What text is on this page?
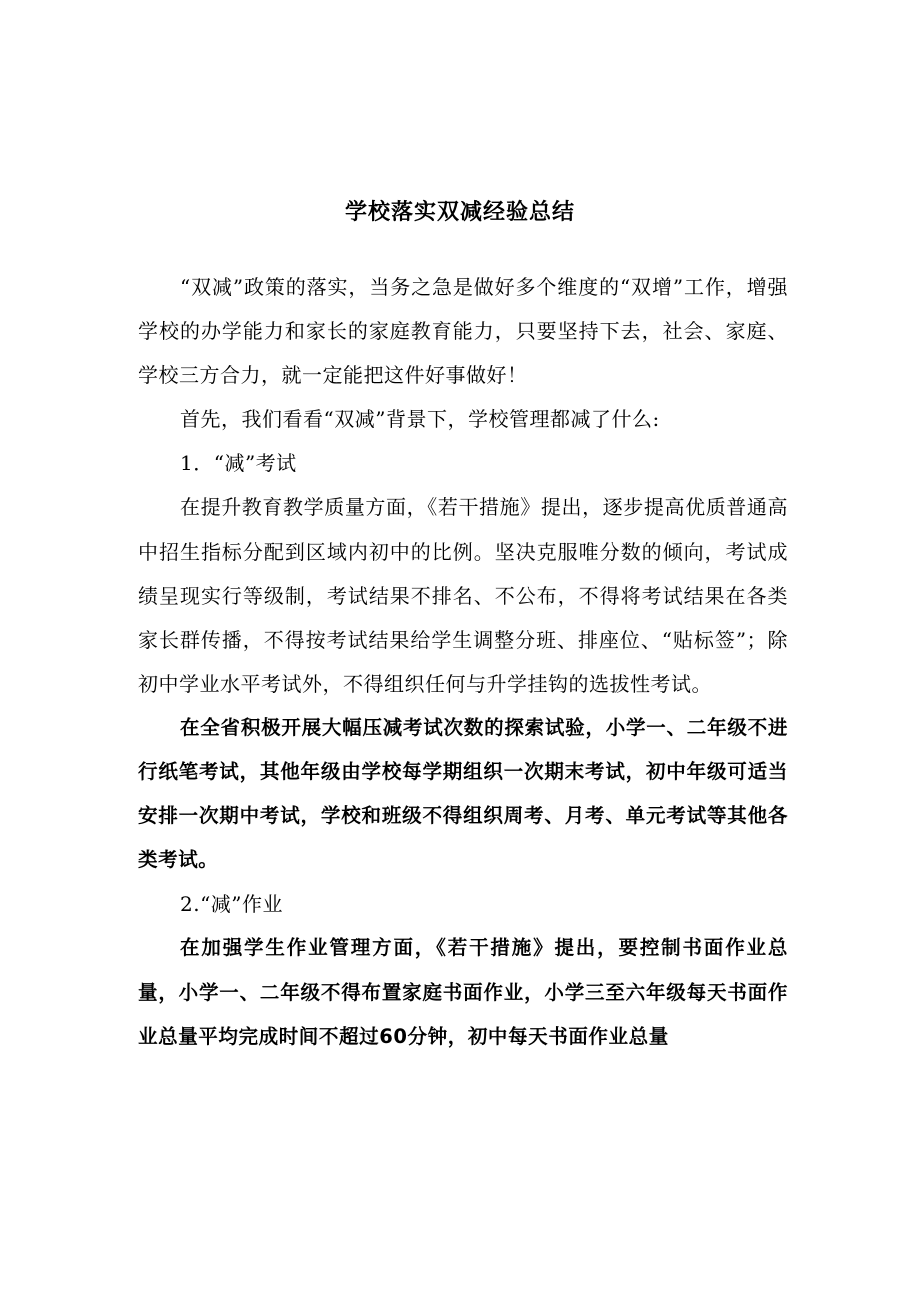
学校落实双减经验总结

“双减”政策的落实，当务之急是做好多个维度的“双增”工作，增强学校的办学能力和家长的家庭教育能力，只要坚持下去，社会、家庭、学校三方合力，就一定能把这件好事做好！

首先，我们看看“双减”背景下，学校管理都减了什么:

1．“减”考试

在提升教育教学质量方面，《若干措施》提出，逐步提高优质普通高中招生指标分配到区域内初中的比例。坚决克服唯分数的倾向，考试成绩呈现实行等级制，考试结果不排名、不公布，不得将考试结果在各类家长群传播，不得按考试结果给学生调整分班、排座位、“贴标签”；除初中学业水平考试外，不得组织任何与升学挂钩的选拔性考试。

在全省积极开展大幅压减考试次数的探索试验，小学一、二年级不进行纸笔考试，其他年级由学校每学期组织一次期末考试，初中年级可适当安排一次期中考试，学校和班级不得组织周考、月考、单元考试等其他各类考试。

2.“减”作业

在加强学生作业管理方面，《若干措施》提出，要控制书面作业总量，小学一、二年级不得布置家庭书面作业，小学三至六年级每天书面作业总量平均完成时间不超过60分钟，初中每天书面作业总量
